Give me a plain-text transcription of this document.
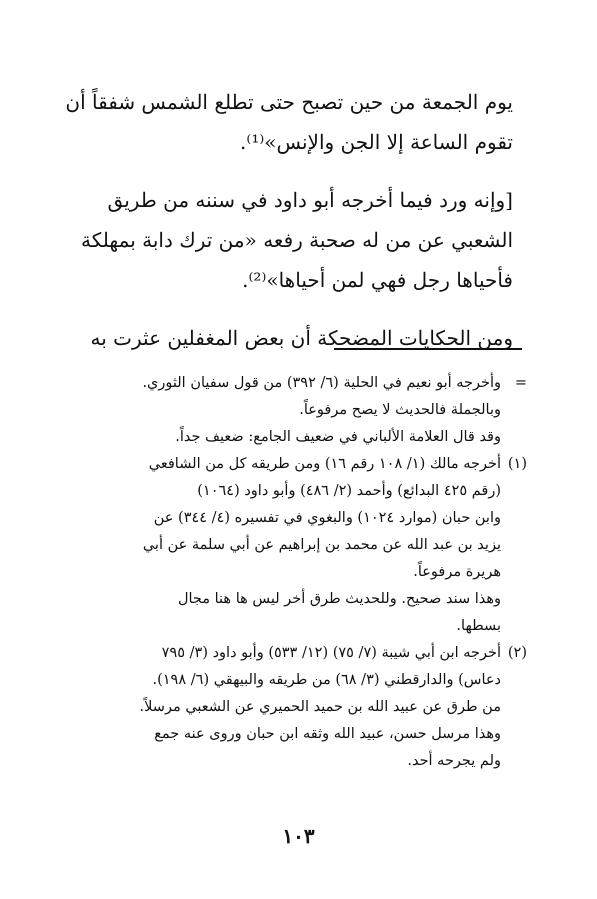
يوم الجمعة من حين تصبح حتى تطلع الشمس شفقاً أن
تقوم الساعة إلا الجن والإنس»⁽¹⁾.

[وإنه ورد فيما أخرجه أبو داود في سننه من طريق
الشعبي عن من له صحبة رفعه «من ترك دابة بمهلكة
فأحياها رجل فهي لمن أحياها»⁽²⁾.

ومن الحكايات المضحكة أن بعض المغفلين عثرت به

=
وأخرجه أبو نعيم في الحلية (٦/ ٣٩٢) من قول سفيان الثوري.
وبالجملة فالحديث لا يصح مرفوعاً.
وقد قال العلامة الألباني في ضعيف الجامع: ضعيف جداً.
(١)
أخرجه مالك (١/ ١٠٨ رقم ١٦) ومن طريقه كل من الشافعي
(رقم ٤٢٥ البدائع) وأحمد (٢/ ٤٨٦) وأبو داود (١٠٦٤)
وابن حبان (موارد ١٠٢٤) والبغوي في تفسيره (٤/ ٣٤٤) عن
يزيد بن عبد الله عن محمد بن إبراهيم عن أبي سلمة عن أبي
هريرة مرفوعاً.
وهذا سند صحيح. وللحديث طرق أخر ليس ها هنا مجال
بسطها.
(٢)
أخرجه ابن أبي شيبة (٧/ ٧٥) (١٢/ ٥٣٣) وأبو داود (٣/ ٧٩٥
دعاس) والدارقطني (٣/ ٦٨) من طريقه والبيهقي (٦/ ١٩٨).
من طرق عن عبيد الله بن حميد الحميري عن الشعبي مرسلاً.
وهذا مرسل حسن، عبيد الله وثقه ابن حبان وروى عنه جمع
ولم يجرحه أحد.
١٠٣
